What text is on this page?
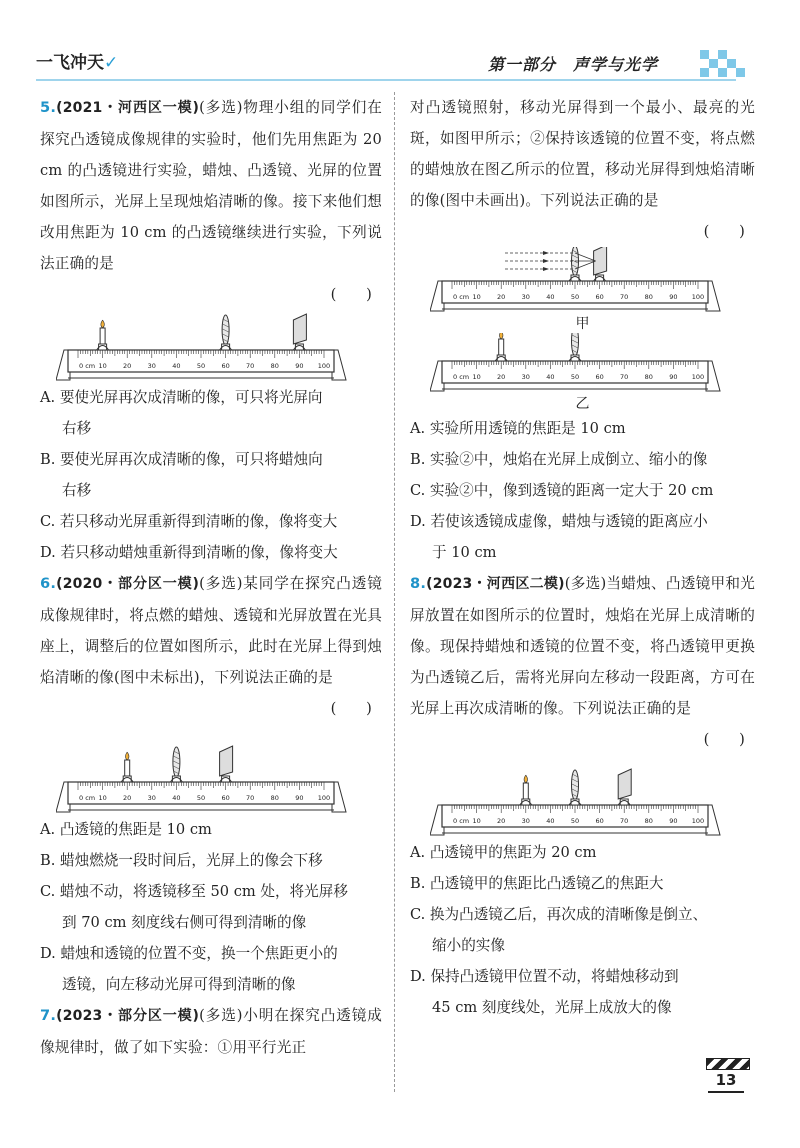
一飞冲天✓	第一部分　声学与光学
5.(2021・河西区一模)(多选)物理小组的同学们在探究凸透镜成像规律的实验时，他们先用焦距为 20 cm 的凸透镜进行实验，蜡烛、凸透镜、光屏的位置如图所示，光屏上呈现烛焰清晰的像。接下来他们想改用焦距为 10 cm 的凸透镜继续进行实验，下列说法正确的是
(　　)
0 cm 10	20	30	40	50	60	70	80	90 100
A. 要使光屏再次成清晰的像，可只将光屏向
右移
B. 要使光屏再次成清晰的像，可只将蜡烛向
右移
C. 若只移动光屏重新得到清晰的像，像将变大
D. 若只移动蜡烛重新得到清晰的像，像将变大
6.(2020・部分区一模)(多选)某同学在探究凸透镜成像规律时，将点燃的蜡烛、透镜和光屏放置在光具座上，调整后的位置如图所示，此时在光屏上得到烛焰清晰的像(图中未标出)，下列说法正确的是
(　　)
0 cm 10	20	30	40	50	60	70	80	90 100
A. 凸透镜的焦距是 10 cm
B. 蜡烛燃烧一段时间后，光屏上的像会下移
C. 蜡烛不动，将透镜移至 50 cm 处，将光屏移
到 70 cm 刻度线右侧可得到清晰的像
D. 蜡烛和透镜的位置不变，换一个焦距更小的
透镜，向左移动光屏可得到清晰的像
7.(2023・部分区一模)(多选)小明在探究凸透镜成像规律时，做了如下实验：①用平行光正
对凸透镜照射，移动光屏得到一个最小、最亮的光斑，如图甲所示；②保持该透镜的位置不变，将点燃的蜡烛放在图乙所示的位置，移动光屏得到烛焰清晰的像(图中未画出)。下列说法正确的是
(　　)
0 cm 10	20	30	40	50	60	70	80	90 100
甲
0 cm 10	20	30	40	50	60	70	80	90 100
乙
A. 实验所用透镜的焦距是 10 cm
B. 实验②中，烛焰在光屏上成倒立、缩小的像
C. 实验②中，像到透镜的距离一定大于 20 cm
D. 若使该透镜成虚像，蜡烛与透镜的距离应小
于 10 cm
8.(2023・河西区二模)(多选)当蜡烛、凸透镜甲和光屏放置在如图所示的位置时，烛焰在光屏上成清晰的像。现保持蜡烛和透镜的位置不变，将凸透镜甲更换为凸透镜乙后，需将光屏向左移动一段距离，方可在光屏上再次成清晰的像。下列说法正确的是
(　　)
0 cm 10	20	30	40	50	60	70	80	90 100
A. 凸透镜甲的焦距为 20 cm
B. 凸透镜甲的焦距比凸透镜乙的焦距大
C. 换为凸透镜乙后，再次成的清晰像是倒立、
缩小的实像
D. 保持凸透镜甲位置不动，将蜡烛移动到
45 cm 刻度线处，光屏上成放大的像
13
